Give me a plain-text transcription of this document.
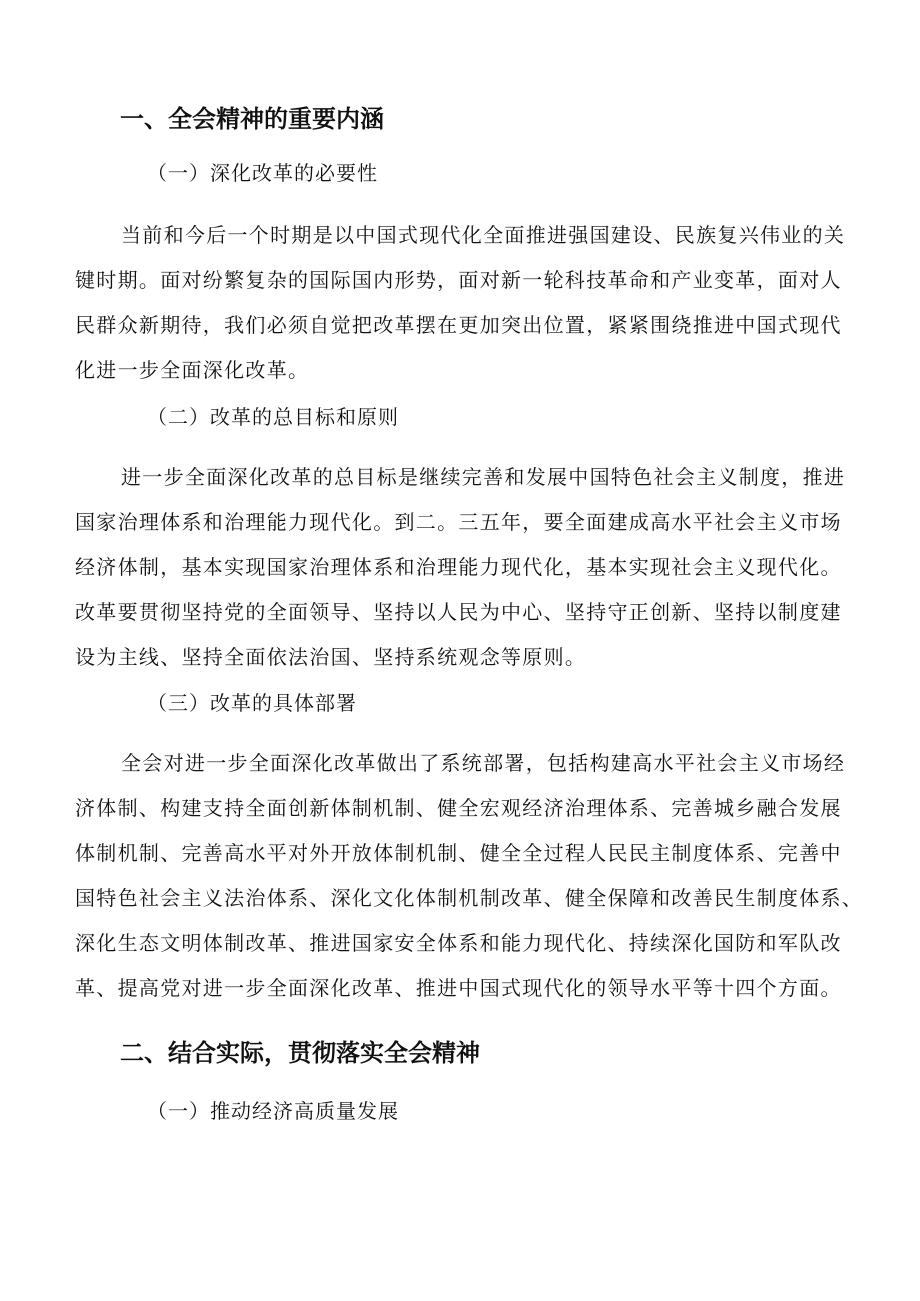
一、全会精神的重要内涵
（一）深化改革的必要性
当前和今后一个时期是以中国式现代化全面推进强国建设、民族复兴伟业的关
键时期。面对纷繁复杂的国际国内形势，面对新一轮科技革命和产业变革，面对人
民群众新期待，我们必须自觉把改革摆在更加突出位置，紧紧围绕推进中国式现代
化进一步全面深化改革。
（二）改革的总目标和原则
进一步全面深化改革的总目标是继续完善和发展中国特色社会主义制度，推进
国家治理体系和治理能力现代化。到二。三五年，要全面建成高水平社会主义市场
经济体制，基本实现国家治理体系和治理能力现代化，基本实现社会主义现代化。
改革要贯彻坚持党的全面领导、坚持以人民为中心、坚持守正创新、坚持以制度建
设为主线、坚持全面依法治国、坚持系统观念等原则。
（三）改革的具体部署
全会对进一步全面深化改革做出了系统部署，包括构建高水平社会主义市场经
济体制、构建支持全面创新体制机制、健全宏观经济治理体系、完善城乡融合发展
体制机制、完善高水平对外开放体制机制、健全全过程人民民主制度体系、完善中
国特色社会主义法治体系、深化文化体制机制改革、健全保障和改善民生制度体系、
深化生态文明体制改革、推进国家安全体系和能力现代化、持续深化国防和军队改
革、提高党对进一步全面深化改革、推进中国式现代化的领导水平等十四个方面。
二、结合实际，贯彻落实全会精神
（一）推动经济高质量发展
